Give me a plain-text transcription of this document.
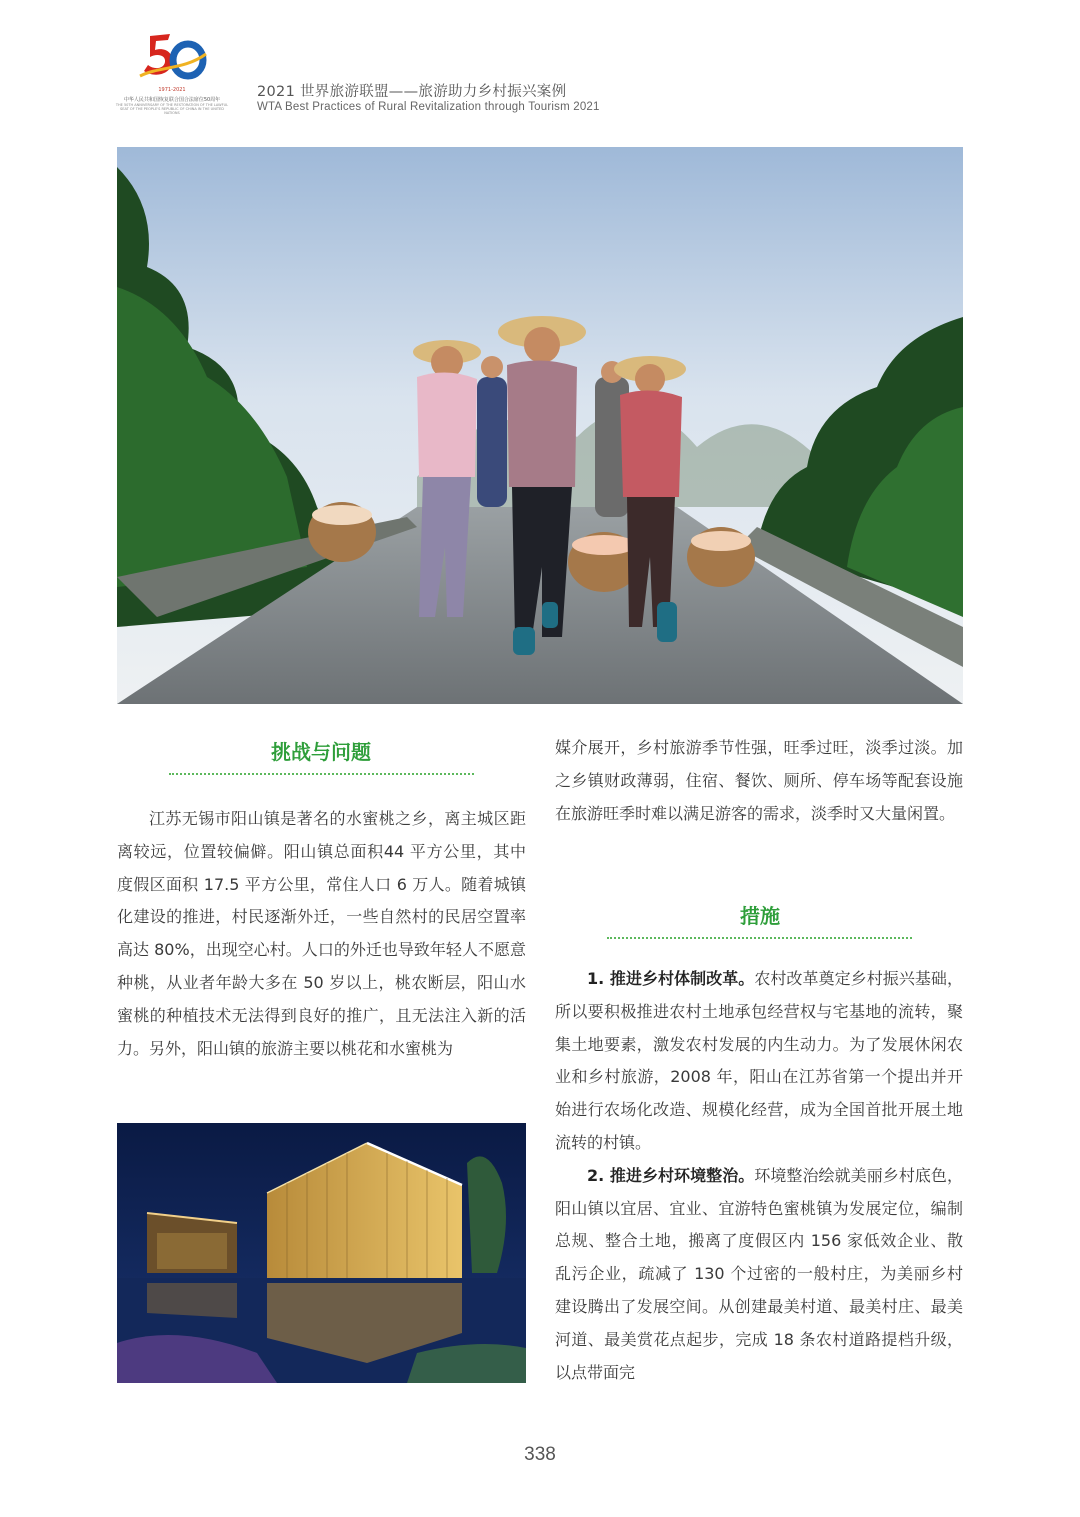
1971-2021
中华人民共和国恢复联合国合法席位50周年
THE 50TH ANNIVERSARY OF THE RESTORATION OF THE LAWFUL SEAT OF THE PEOPLE'S REPUBLIC OF CHINA IN THE UNITED NATIONS
2021 世界旅游联盟——旅游助力乡村振兴案例
WTA Best Practices of Rural Revitalization through Tourism 2021
挑战与问题

江苏无锡市阳山镇是著名的水蜜桃之乡，离主城区距离较远，位置较偏僻。阳山镇总面积44 平方公里，其中度假区面积 17.5 平方公里，常住人口 6 万人。随着城镇化建设的推进，村民逐渐外迁，一些自然村的民居空置率高达 80%，出现空心村。人口的外迁也导致年轻人不愿意种桃，从业者年龄大多在 50 岁以上，桃农断层，阳山水蜜桃的种植技术无法得到良好的推广，且无法注入新的活力。另外，阳山镇的旅游主要以桃花和水蜜桃为

媒介展开，乡村旅游季节性强，旺季过旺，淡季过淡。加之乡镇财政薄弱，住宿、餐饮、厕所、停车场等配套设施在旅游旺季时难以满足游客的需求，淡季时又大量闲置。

措施

1. 推进乡村体制改革。农村改革奠定乡村振兴基础，所以要积极推进农村土地承包经营权与宅基地的流转，聚集土地要素，激发农村发展的内生动力。为了发展休闲农业和乡村旅游，2008 年，阳山在江苏省第一个提出并开始进行农场化改造、规模化经营，成为全国首批开展土地流转的村镇。

2. 推进乡村环境整治。环境整治绘就美丽乡村底色，阳山镇以宜居、宜业、宜游特色蜜桃镇为发展定位，编制总规、整合土地，搬离了度假区内 156 家低效企业、散乱污企业，疏减了 130 个过密的一般村庄，为美丽乡村建设腾出了发展空间。从创建最美村道、最美村庄、最美河道、最美赏花点起步，完成 18 条农村道路提档升级，以点带面完

338
